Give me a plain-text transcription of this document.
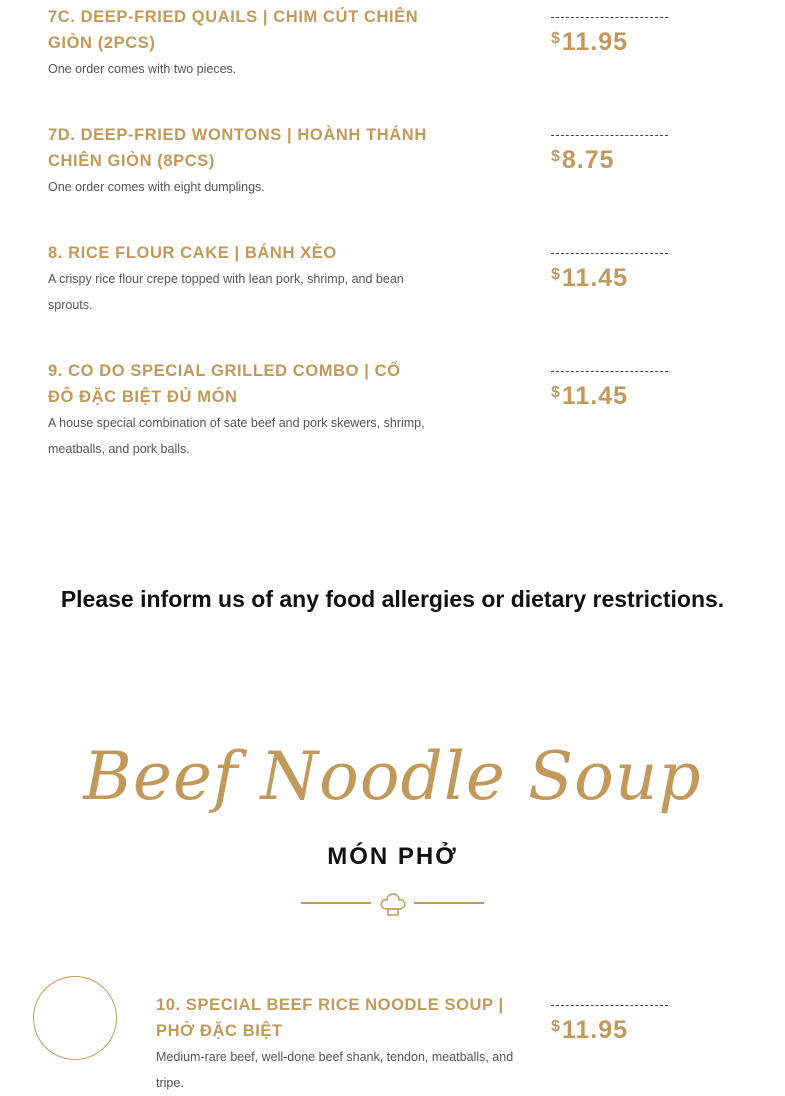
7C. DEEP-FRIED QUAILS | CHIM CÚT CHIÊN GIÒN (2PCS)
One order comes with two pieces.
$11.95
7D. DEEP-FRIED WONTONS | HOÀNH THÁNH CHIÊN GIÒN (8PCS)
One order comes with eight dumplings.
$8.75
8. RICE FLOUR CAKE | BÁNH XÈO
A crispy rice flour crepe topped with lean pork, shrimp, and bean sprouts.
$11.45
9. CO DO SPECIAL GRILLED COMBO | CỐ ĐÔ ĐẶC BIỆT ĐỦ MÓN
A house special combination of sate beef and pork skewers, shrimp, meatballs, and pork balls.
$11.45
Please inform us of any food allergies or dietary restrictions.
Beef Noodle Soup
MÓN PHỞ
10. SPECIAL BEEF RICE NOODLE SOUP | PHỞ ĐẶC BIỆT
Medium-rare beef, well-done beef shank, tendon, meatballs, and tripe.
$11.95
